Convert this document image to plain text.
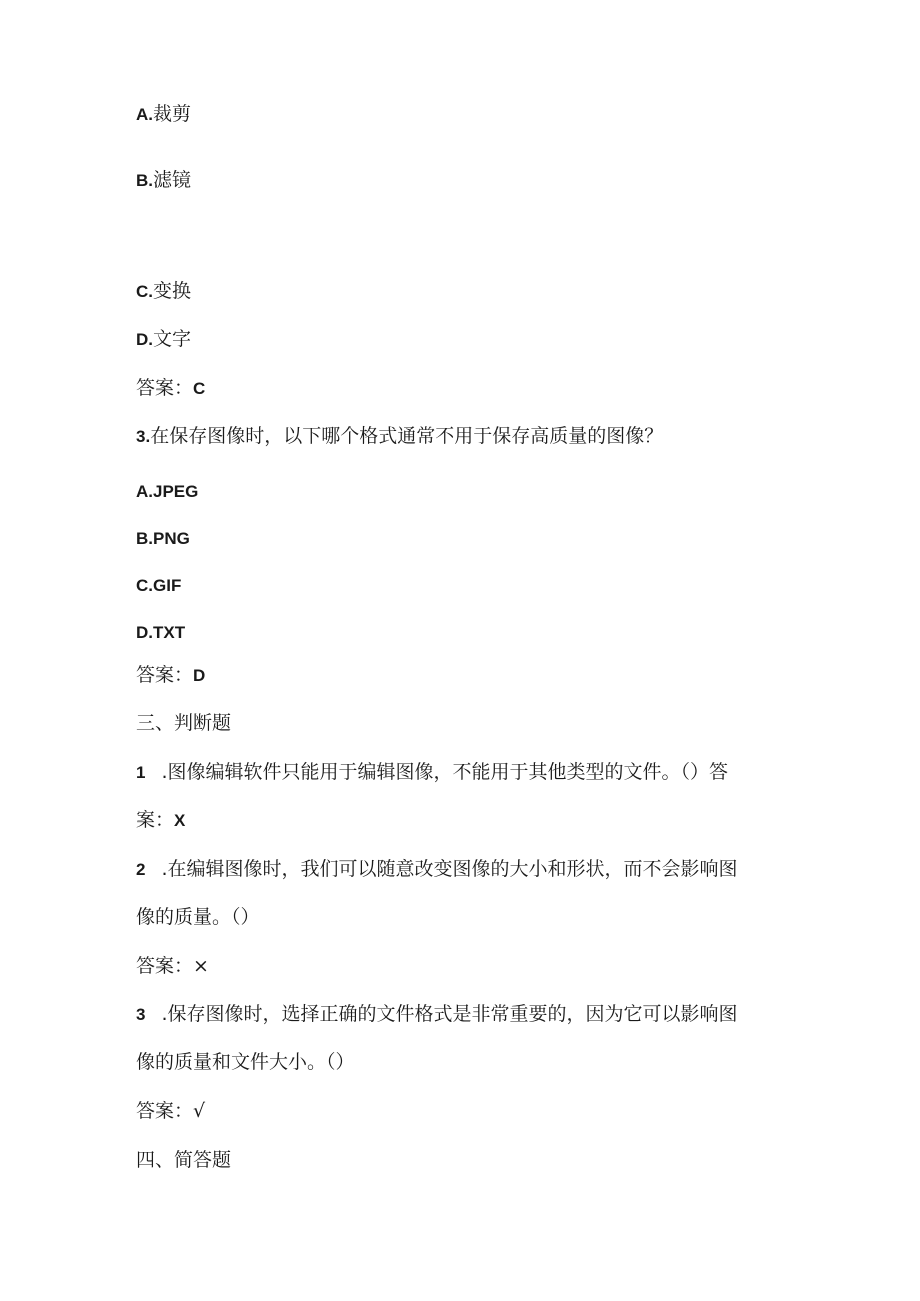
A.裁剪
B.滤镜
C.变换
D.文字
答案：C
3.在保存图像时，以下哪个格式通常不用于保存高质量的图像？
A.JPEG
B.PNG
C.GIF
D.TXT
答案：D
三、判断题
1 .图像编辑软件只能用于编辑图像，不能用于其他类型的文件。（）答
案：X
2 .在编辑图像时，我们可以随意改变图像的大小和形状，而不会影响图
像的质量。（）
答案：×
3 .保存图像时，选择正确的文件格式是非常重要的，因为它可以影响图
像的质量和文件大小。（）
答案：√
四、简答题
